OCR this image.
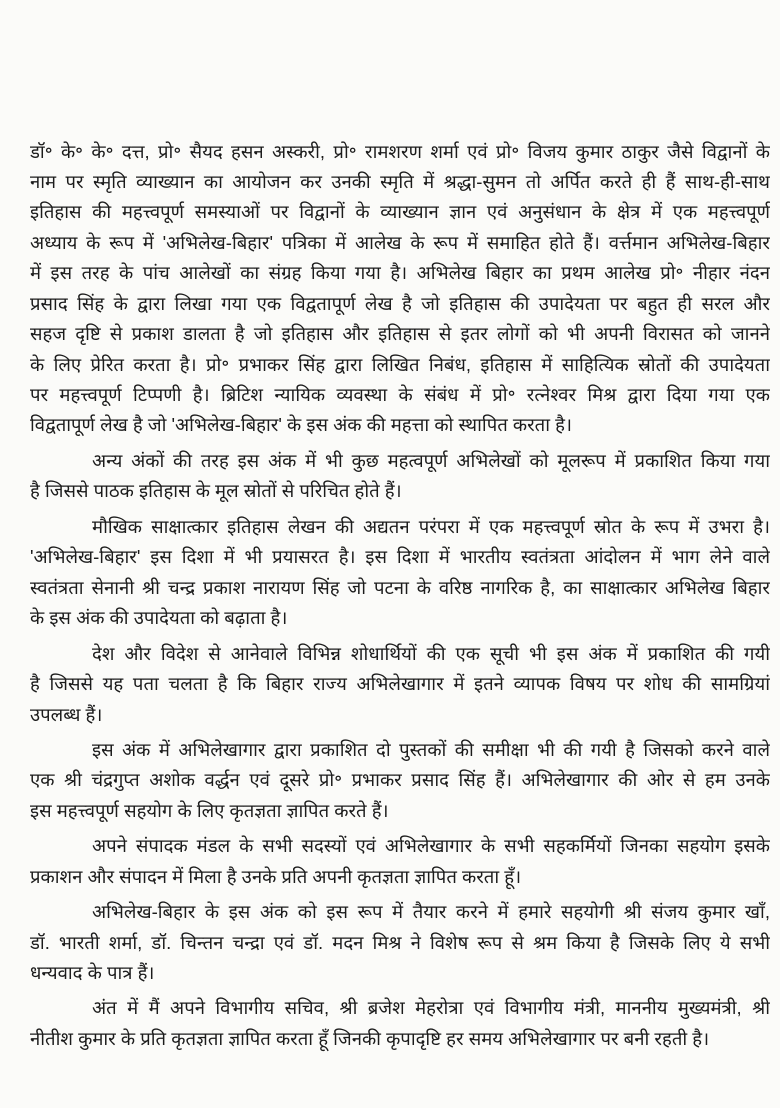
डॉ॰ के॰ के॰ दत्त, प्रो॰ सैयद हसन अस्करी, प्रो॰ रामशरण शर्मा एवं प्रो॰ विजय कुमार ठाकुर जैसे विद्वानों के
नाम पर स्मृति व्याख्यान का आयोजन कर उनकी स्मृति में श्रद्धा-सुमन तो अर्पित करते ही हैं साथ-ही-साथ
इतिहास की महत्त्वपूर्ण समस्याओं पर विद्वानों के व्याख्यान ज्ञान एवं अनुसंधान के क्षेत्र में एक महत्त्वपूर्ण
अध्याय के रूप में 'अभिलेख-बिहार' पत्रिका में आलेख के रूप में समाहित होते हैं। वर्त्तमान अभिलेख-बिहार
में इस तरह के पांच आलेखों का संग्रह किया गया है। अभिलेख बिहार का प्रथम आलेख प्रो॰ नीहार नंदन
प्रसाद सिंह के द्वारा लिखा गया एक विद्वतापूर्ण लेख है जो इतिहास की उपादेयता पर बहुत ही सरल और
सहज दृष्टि से प्रकाश डालता है जो इतिहास और इतिहास से इतर लोगों को भी अपनी विरासत को जानने
के लिए प्रेरित करता है। प्रो॰ प्रभाकर सिंह द्वारा लिखित निबंध, इतिहास में साहित्यिक स्रोतों की उपादेयता
पर महत्त्वपूर्ण टिप्पणी है। ब्रिटिश न्यायिक व्यवस्था के संबंध में प्रो॰ रत्नेश्वर मिश्र द्वारा दिया गया एक
विद्वतापूर्ण लेख है जो 'अभिलेख-बिहार' के इस अंक की महत्ता को स्थापित करता है।
अन्य अंकों की तरह इस अंक में भी कुछ महत्वपूर्ण अभिलेखों को मूलरूप में प्रकाशित किया गया
है जिससे पाठक इतिहास के मूल स्रोतों से परिचित होते हैं।
मौखिक साक्षात्कार इतिहास लेखन की अद्यतन परंपरा में एक महत्त्वपूर्ण स्रोत के रूप में उभरा है।
'अभिलेख-बिहार' इस दिशा में भी प्रयासरत है। इस दिशा में भारतीय स्वतंत्रता आंदोलन में भाग लेने वाले
स्वतंत्रता सेनानी श्री चन्द्र प्रकाश नारायण सिंह जो पटना के वरिष्ठ नागरिक है, का साक्षात्कार अभिलेख बिहार
के इस अंक की उपादेयता को बढ़ाता है।
देश और विदेश से आनेवाले विभिन्न शोधार्थियों की एक सूची भी इस अंक में प्रकाशित की गयी
है जिससे यह पता चलता है कि बिहार राज्य अभिलेखागार में इतने व्यापक विषय पर शोध की सामग्रियां
उपलब्ध हैं।
इस अंक में अभिलेखागार द्वारा प्रकाशित दो पुस्तकों की समीक्षा भी की गयी है जिसको करने वाले
एक श्री चंद्रगुप्त अशोक वर्द्धन एवं दूसरे प्रो॰ प्रभाकर प्रसाद सिंह हैं। अभिलेखागार की ओर से हम उनके
इस महत्त्वपूर्ण सहयोग के लिए कृतज्ञता ज्ञापित करते हैं।
अपने संपादक मंडल के सभी सदस्यों एवं अभिलेखागार के सभी सहकर्मियों जिनका सहयोग इसके
प्रकाशन और संपादन में मिला है उनके प्रति अपनी कृतज्ञता ज्ञापित करता हूँ।
अभिलेख-बिहार के इस अंक को इस रूप में तैयार करने में हमारे सहयोगी श्री संजय कुमार खाँ,
डॉ. भारती शर्मा, डॉ. चिन्तन चन्द्रा एवं डॉ. मदन मिश्र ने विशेष रूप से श्रम किया है जिसके लिए ये सभी
धन्यवाद के पात्र हैं।
अंत में मैं अपने विभागीय सचिव, श्री ब्रजेश मेहरोत्रा एवं विभागीय मंत्री, माननीय मुख्यमंत्री, श्री
नीतीश कुमार के प्रति कृतज्ञता ज्ञापित करता हूँ जिनकी कृपादृष्टि हर समय अभिलेखागार पर बनी रहती है।
